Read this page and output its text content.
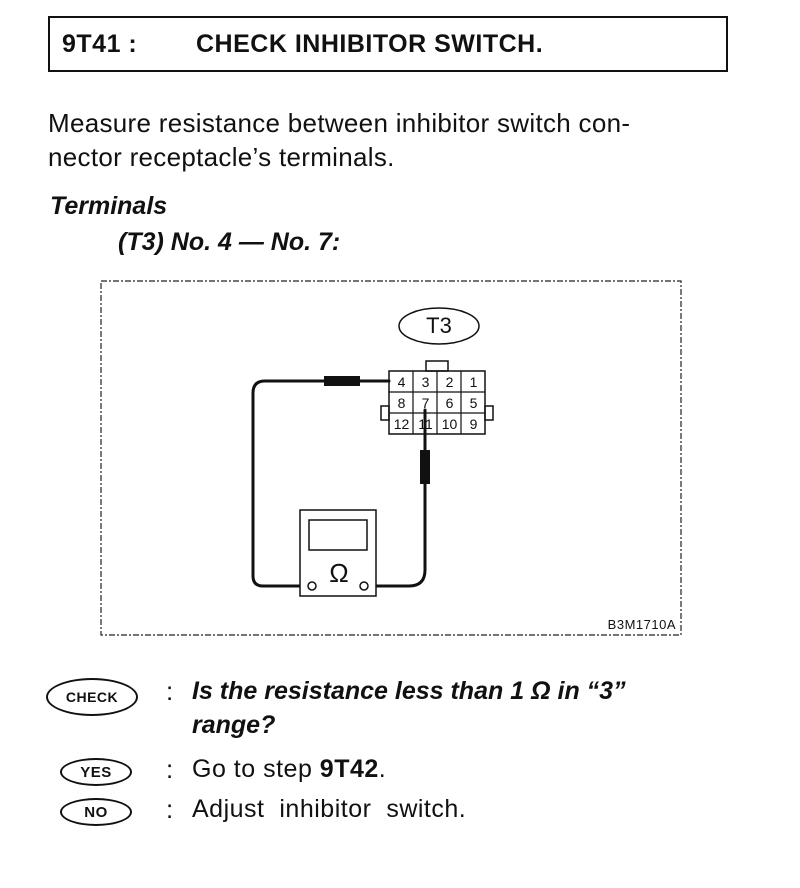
9T41 :	CHECK INHIBITOR SWITCH.
Measure resistance between inhibitor switch con-
nector receptacle’s terminals.
Terminals
(T3) No. 4 — No. 7:
T3
4	3	2	1
8	7	6	5
12 11 10 9
Ω
B3M1710A
CHECK	: Is the resistance less than 1 Ω in “3”
range?
YES	: Go to step 9T42.
NO	: Adjust  inhibitor  switch.
